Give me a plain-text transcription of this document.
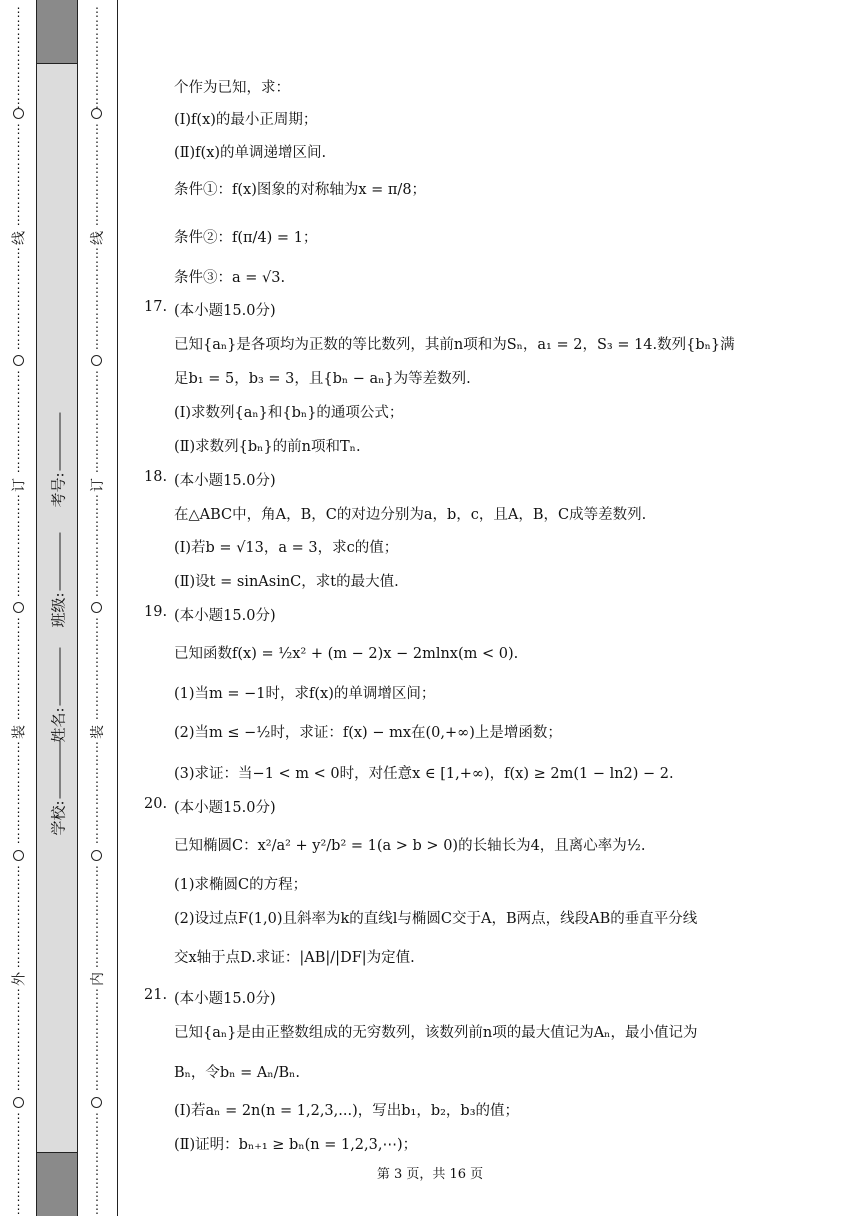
⋮
⋮
⋮
⋮
⋮
⋮
⋮
⋮
⋮
⋮
⋮
⋮
⋮
⋮
⋮
⋮
线
⋮
⋮
⋮
⋮
⋮
⋮
⋮
⋮
⋮
⋮
⋮
⋮
⋮
⋮
⋮
⋮
订
⋮
⋮
⋮
⋮
⋮
⋮
⋮
⋮
⋮
⋮
⋮
⋮
⋮
⋮
⋮
⋮
装
⋮
⋮
⋮
⋮
⋮
⋮
⋮
⋮
⋮
⋮
⋮
⋮
⋮
⋮
⋮
⋮
外
⋮
⋮
⋮
⋮
⋮
⋮
⋮
⋮
⋮
⋮
⋮
⋮
⋮
⋮
⋮
⋮
⋮
⋮
⋮
⋮
⋮
⋮
⋮
⋮
⋮
⋮
⋮
⋮
⋮
⋮
⋮
⋮
线
⋮
⋮
⋮
⋮
⋮
⋮
⋮
⋮
⋮
⋮
⋮
⋮
⋮
⋮
⋮
⋮
订
⋮
⋮
⋮
⋮
⋮
⋮
⋮
⋮
⋮
⋮
⋮
⋮
⋮
⋮
⋮
⋮
装
⋮
⋮
⋮
⋮
⋮
⋮
⋮
⋮
⋮
⋮
⋮
⋮
⋮
⋮
⋮
⋮
内
⋮
⋮
⋮
⋮
⋮
⋮
⋮
⋮
⋮
⋮
⋮
⋮
⋮
⋮
⋮
⋮
学校:
姓名:
班级:
考号:
个作为已知，求：
(Ⅰ)f(x)的最小正周期；
(Ⅱ)f(x)的单调递增区间.
条件①：f(x)图象的对称轴为x = π/8；
条件②：f(π/4) = 1；
条件③：a = √3.
17. (本小题15.0分)
已知{aₙ}是各项均为正数的等比数列，其前n项和为Sₙ，a₁ = 2，S₃ = 14.数列{bₙ}满
足b₁ = 5，b₃ = 3，且{bₙ − aₙ}为等差数列.
(Ⅰ)求数列{aₙ}和{bₙ}的通项公式；
(Ⅱ)求数列{bₙ}的前n项和Tₙ.
18. (本小题15.0分)
在△ABC中，角A，B，C的对边分别为a，b，c，且A，B，C成等差数列.
(Ⅰ)若b = √13，a = 3，求c的值；
(Ⅱ)设t = sinAsinC，求t的最大值.
19. (本小题15.0分)
已知函数f(x) = ½x² + (m − 2)x − 2mlnx(m < 0).
(1)当m = −1时，求f(x)的单调增区间；
(2)当m ≤ −½时，求证：f(x) − mx在(0,+∞)上是增函数；
(3)求证：当−1 < m < 0时，对任意x ∈ [1,+∞)，f(x) ≥ 2m(1 − ln2) − 2.
20. (本小题15.0分)
已知椭圆C：x²/a² + y²/b² = 1(a > b > 0)的长轴长为4，且离心率为½.
(1)求椭圆C的方程；
(2)设过点F(1,0)且斜率为k的直线l与椭圆C交于A，B两点，线段AB的垂直平分线
交x轴于点D.求证：|AB|/|DF|为定值.
21. (本小题15.0分)
已知{aₙ}是由正整数组成的无穷数列，该数列前n项的最大值记为Aₙ，最小值记为
Bₙ，令bₙ = Aₙ/Bₙ.
(Ⅰ)若aₙ = 2n(n = 1,2,3,...)，写出b₁，b₂，b₃的值；
(Ⅱ)证明：bₙ₊₁ ≥ bₙ(n = 1,2,3,⋯)；
第 3 页，共 16 页
